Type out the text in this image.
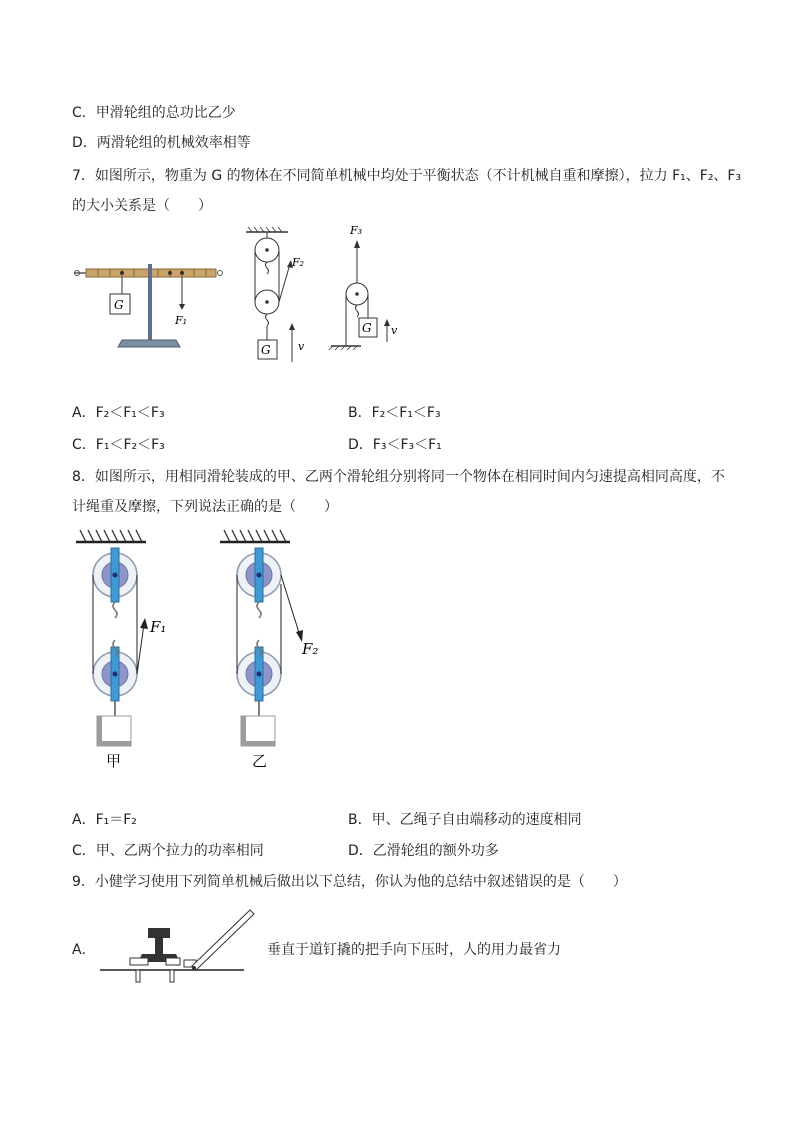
C．甲滑轮组的总功比乙少
D．两滑轮组的机械效率相等
7．如图所示，物重为 G 的物体在不同简单机械中均处于平衡状态（不计机械自重和摩擦），拉力 F₁、F₂、F₃
的大小关系是（　　）
G
F₁
F₂
G v
F₃
G v
A．F₂＜F₁＜F₃	B．F₂＜F₁＜F₃
C．F₁＜F₂＜F₃	D．F₃＜F₃＜F₁
8．如图所示，用相同滑轮装成的甲、乙两个滑轮组分别将同一个物体在相同时间内匀速提高相同高度，不
计绳重及摩擦，下列说法正确的是（　　）
F₁
甲
F₂
乙
A．F₁＝F₂	B．甲、乙绳子自由端移动的速度相同
C．甲、乙两个拉力的功率相同	D．乙滑轮组的额外功多
9．小健学习使用下列简单机械后做出以下总结，你认为他的总结中叙述错误的是（　　）
A．	垂直于道钉撬的把手向下压时，人的用力最省力
